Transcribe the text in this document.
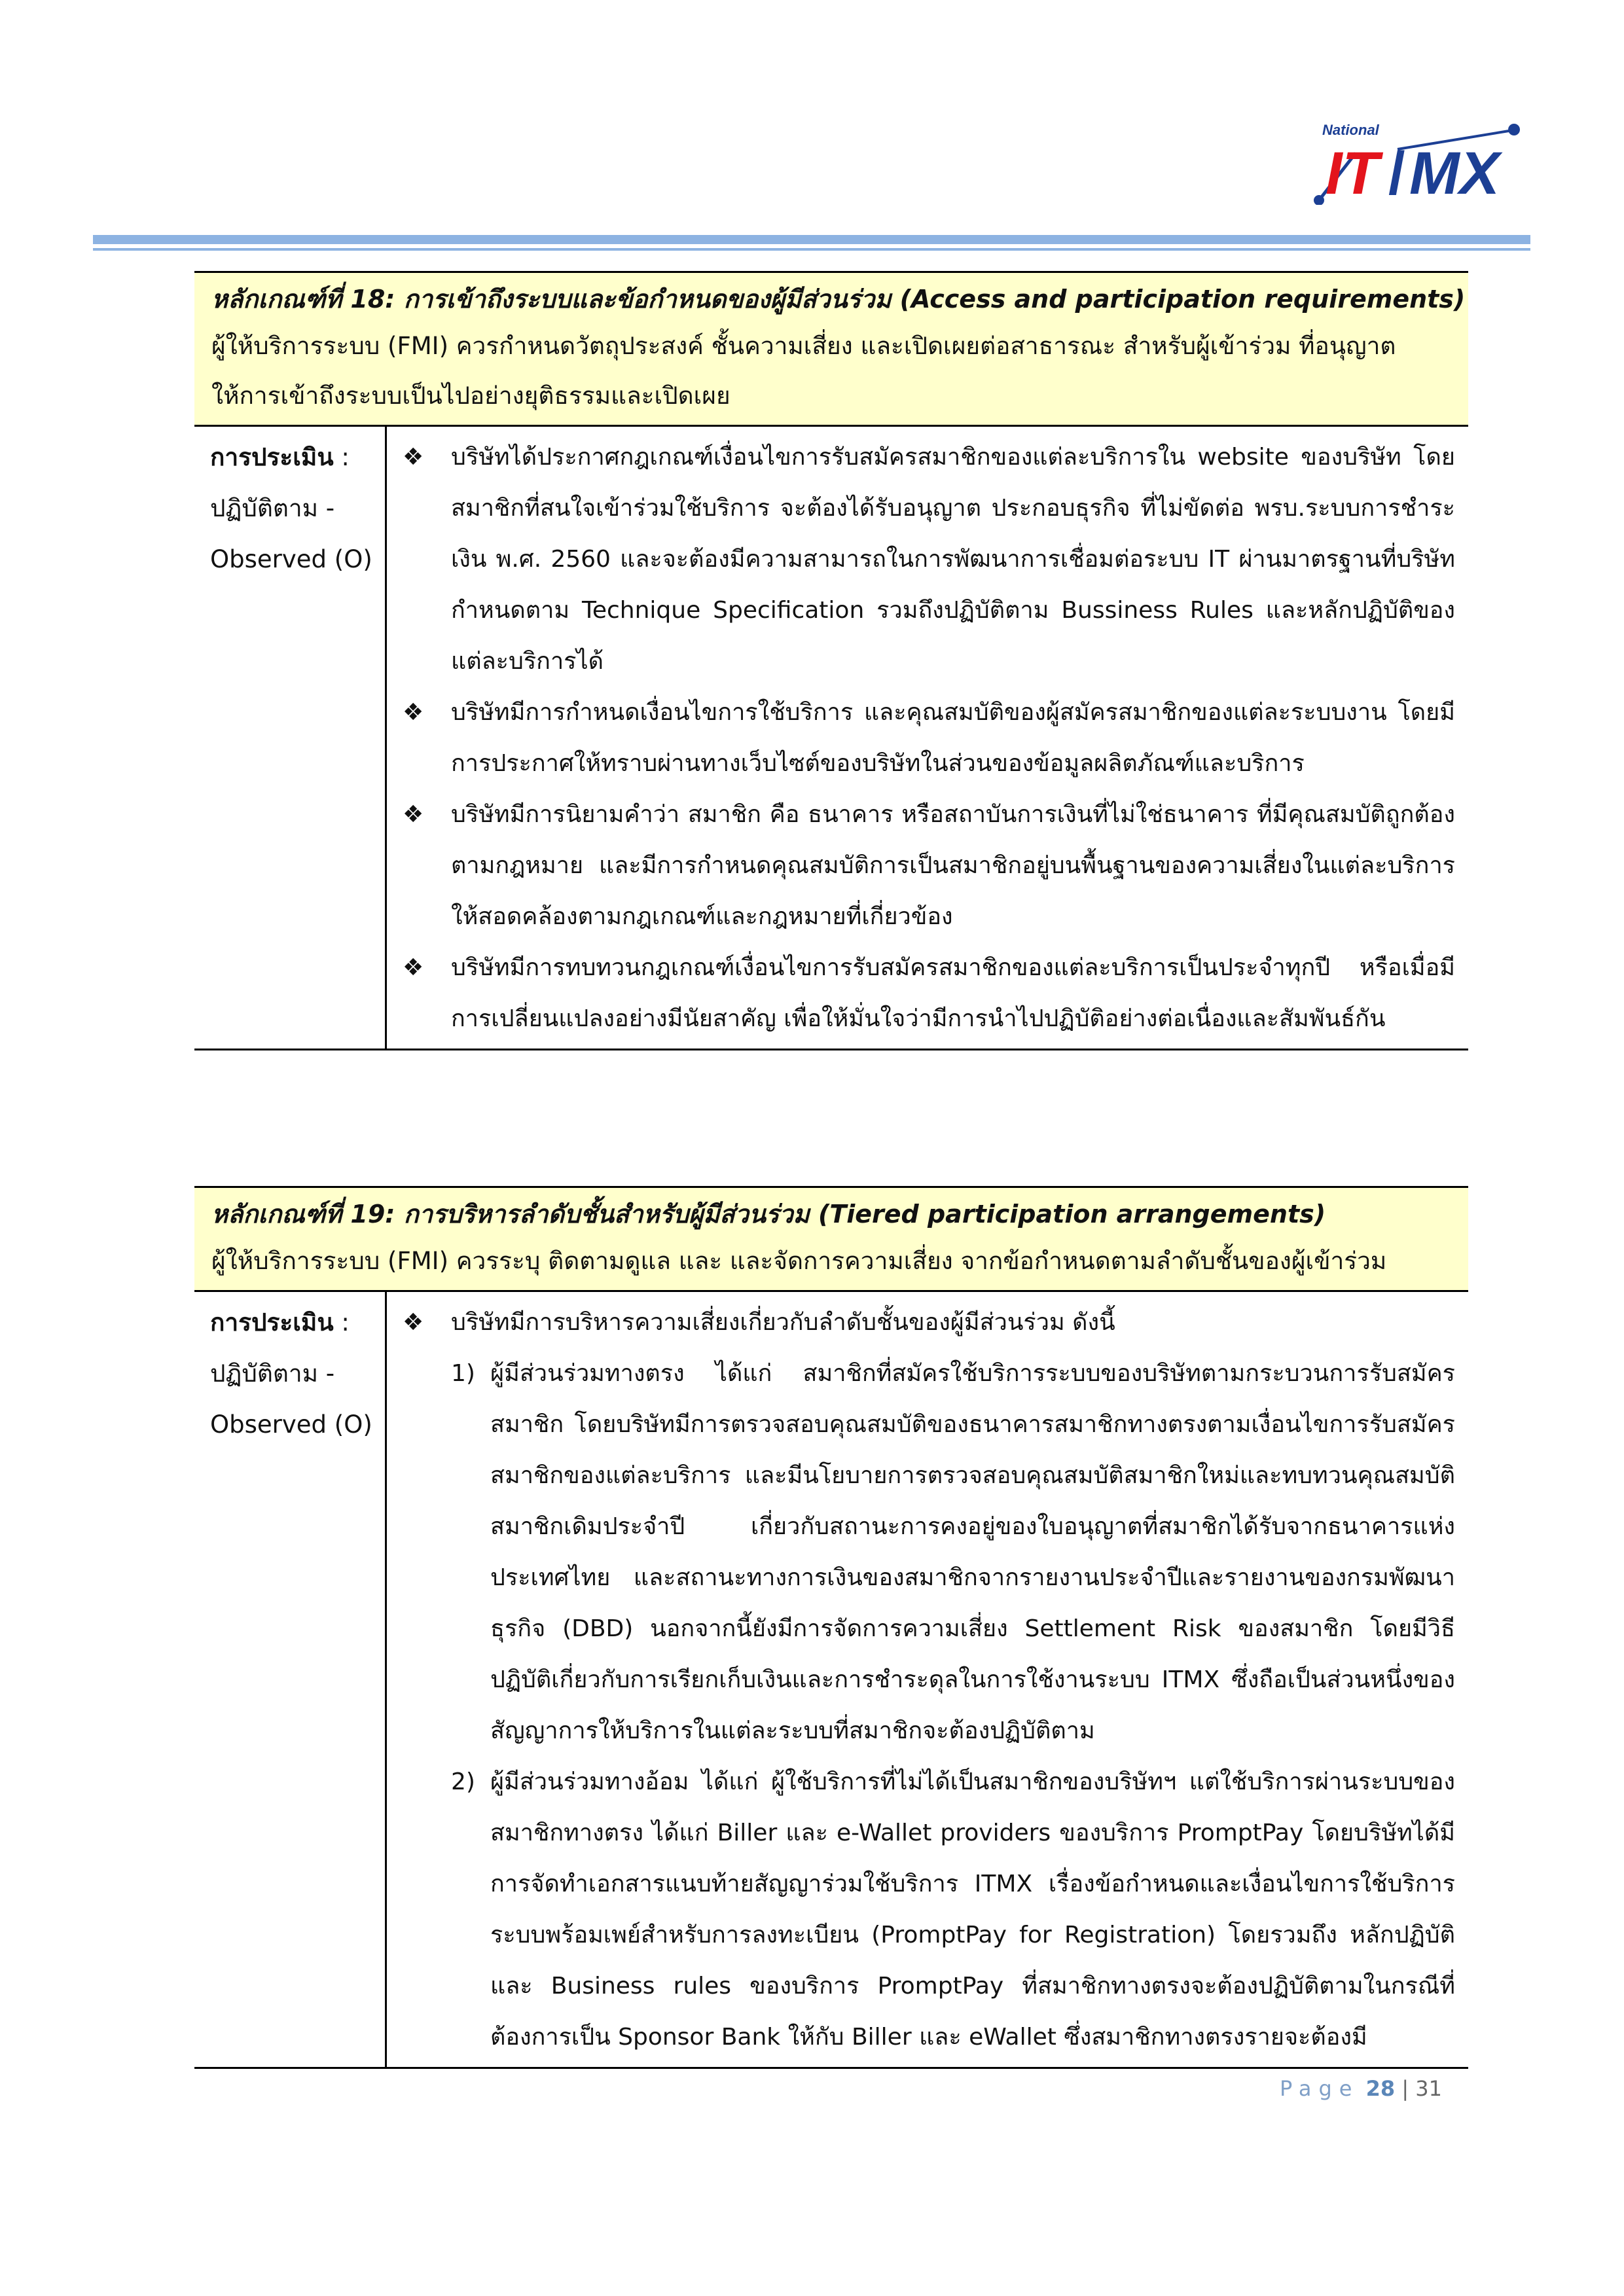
National
IT / MX
หลักเกณฑ์ที่ 18: การเข้าถึงระบบและข้อกำหนดของผู้มีส่วนร่วม (Access and participation requirements)
ผู้ให้บริการระบบ (FMI) ควรกำหนดวัตถุประสงค์ ชั้นความเสี่ยง และเปิดเผยต่อสาธารณะ สำหรับผู้เข้าร่วม ที่อนุญาตให้การเข้าถึงระบบเป็นไปอย่างยุติธรรมและเปิดเผย
การประเมิน :
ปฏิบัติตาม -
Observed (O)
❖	บริษัทได้ประกาศกฎเกณฑ์เงื่อนไขการรับสมัครสมาชิกของแต่ละบริการใน website ของบริษัท โดยสมาชิกที่สนใจเข้าร่วมใช้บริการ จะต้องได้รับอนุญาต ประกอบธุรกิจ ที่ไม่ขัดต่อ พรบ.ระบบการชำระเงิน พ.ศ. 2560 และจะต้องมีความสามารถในการพัฒนาการเชื่อมต่อระบบ IT ผ่านมาตรฐานที่บริษัทกำหนดตาม Technique Specification รวมถึงปฏิบัติตาม Bussiness Rules และหลักปฏิบัติของแต่ละบริการได้
❖	บริษัทมีการกำหนดเงื่อนไขการใช้บริการ และคุณสมบัติของผู้สมัครสมาชิกของแต่ละระบบงาน โดยมีการประกาศให้ทราบผ่านทางเว็บไซต์ของบริษัทในส่วนของข้อมูลผลิตภัณฑ์และบริการ
❖	บริษัทมีการนิยามคำว่า สมาชิก คือ ธนาคาร หรือสถาบันการเงินที่ไม่ใช่ธนาคาร ที่มีคุณสมบัติถูกต้องตามกฎหมาย และมีการกำหนดคุณสมบัติการเป็นสมาชิกอยู่บนพื้นฐานของความเสี่ยงในแต่ละบริการให้สอดคล้องตามกฎเกณฑ์และกฎหมายที่เกี่ยวข้อง
❖	บริษัทมีการทบทวนกฎเกณฑ์เงื่อนไขการรับสมัครสมาชิกของแต่ละบริการเป็นประจำทุกปี หรือเมื่อมีการเปลี่ยนแปลงอย่างมีนัยสาคัญ เพื่อให้มั่นใจว่ามีการนำไปปฏิบัติอย่างต่อเนื่องและสัมพันธ์กัน
หลักเกณฑ์ที่ 19: การบริหารลำดับชั้นสำหรับผู้มีส่วนร่วม (Tiered participation arrangements)
ผู้ให้บริการระบบ (FMI) ควรระบุ ติดตามดูแล และ และจัดการความเสี่ยง จากข้อกำหนดตามลำดับชั้นของผู้เข้าร่วม
การประเมิน :
ปฏิบัติตาม -
Observed (O)
❖	บริษัทมีการบริหารความเสี่ยงเกี่ยวกับลำดับชั้นของผู้มีส่วนร่วม ดังนี้
1) ผู้มีส่วนร่วมทางตรง ได้แก่ สมาชิกที่สมัครใช้บริการระบบของบริษัทตามกระบวนการรับสมัครสมาชิก โดยบริษัทมีการตรวจสอบคุณสมบัติของธนาคารสมาชิกทางตรงตามเงื่อนไขการรับสมัครสมาชิกของแต่ละบริการ และมีนโยบายการตรวจสอบคุณสมบัติสมาชิกใหม่และทบทวนคุณสมบัติสมาชิกเดิมประจำปี เกี่ยวกับสถานะการคงอยู่ของใบอนุญาตที่สมาชิกได้รับจากธนาคารแห่งประเทศไทย และสถานะทางการเงินของสมาชิกจากรายงานประจำปีและรายงานของกรมพัฒนาธุรกิจ (DBD) นอกจากนี้ยังมีการจัดการความเสี่ยง Settlement Risk ของสมาชิก โดยมีวิธีปฏิบัติเกี่ยวกับการเรียกเก็บเงินและการชำระดุลในการใช้งานระบบ ITMX ซึ่งถือเป็นส่วนหนึ่งของสัญญาการให้บริการในแต่ละระบบที่สมาชิกจะต้องปฏิบัติตาม
2) ผู้มีส่วนร่วมทางอ้อม ได้แก่ ผู้ใช้บริการที่ไม่ได้เป็นสมาชิกของบริษัทฯ แต่ใช้บริการผ่านระบบของสมาชิกทางตรง ได้แก่ Biller และ e-Wallet providers ของบริการ PromptPay โดยบริษัทได้มีการจัดทำเอกสารแนบท้ายสัญญาร่วมใช้บริการ ITMX เรื่องข้อกำหนดและเงื่อนไขการใช้บริการระบบพร้อมเพย์สำหรับการลงทะเบียน (PromptPay for Registration) โดยรวมถึง หลักปฏิบัติ และ Business rules ของบริการ PromptPay ที่สมาชิกทางตรงจะต้องปฏิบัติตามในกรณีที่ต้องการเป็น Sponsor Bank ให้กับ Biller และ eWallet ซึ่งสมาชิกทางตรงรายจะต้องมี
Page 28 | 31
